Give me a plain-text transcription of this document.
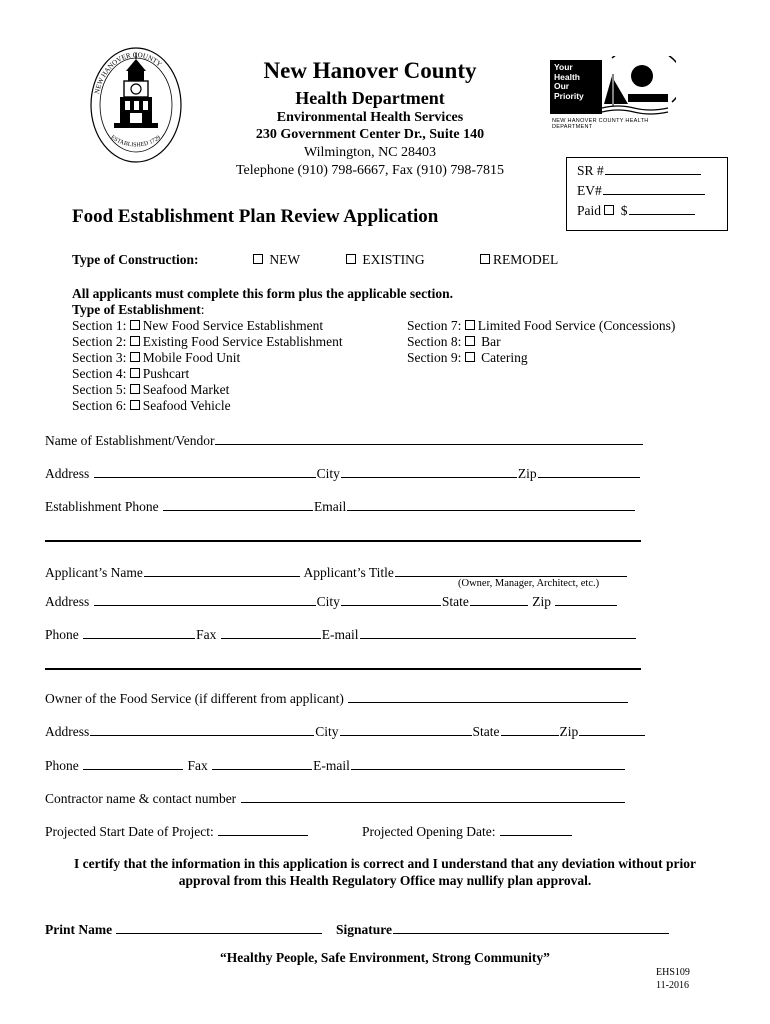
NEW HANOVER COUNTY
ESTABLISHED 1729
New Hanover County
Health Department
Environmental Health Services
230 Government Center Dr., Suite 140
Wilmington, NC 28403
Telephone (910) 798-6667, Fax (910) 798-7815
Your
Health
Our
Priority
NEW HANOVER COUNTY HEALTH DEPARTMENT
SR #
EV#
Paid $
Food Establishment Plan Review Application
Type of Construction:	NEW	EXISTING	REMODEL
All applicants must complete this form plus the applicable section.
Type of Establishment:
Section 1: New Food Service Establishment
Section 2: Existing Food Service Establishment
Section 3: Mobile Food Unit
Section 4: Pushcart
Section 5: Seafood Market
Section 6: Seafood Vehicle
Section 7: Limited Food Service (Concessions)
Section 8: Bar
Section 9: Catering
Name of Establishment/Vendor
Address	City	Zip
Establishment Phone	Email
Applicant’s Name	Applicant’s Title
(Owner, Manager, Architect, etc.)
Address	City	State	Zip
Phone	Fax	E-mail
Owner of the Food Service (if different from applicant)
Address	City	State	Zip
Phone	Fax	E-mail
Contractor name & contact number
Projected Start Date of Project:	Projected Opening Date:
I certify that the information in this application is correct and I understand that any deviation without prior
approval from this Health Regulatory Office may nullify plan approval.
Print Name	Signature
“Healthy People, Safe Environment, Strong Community”
EHS109
11-2016
